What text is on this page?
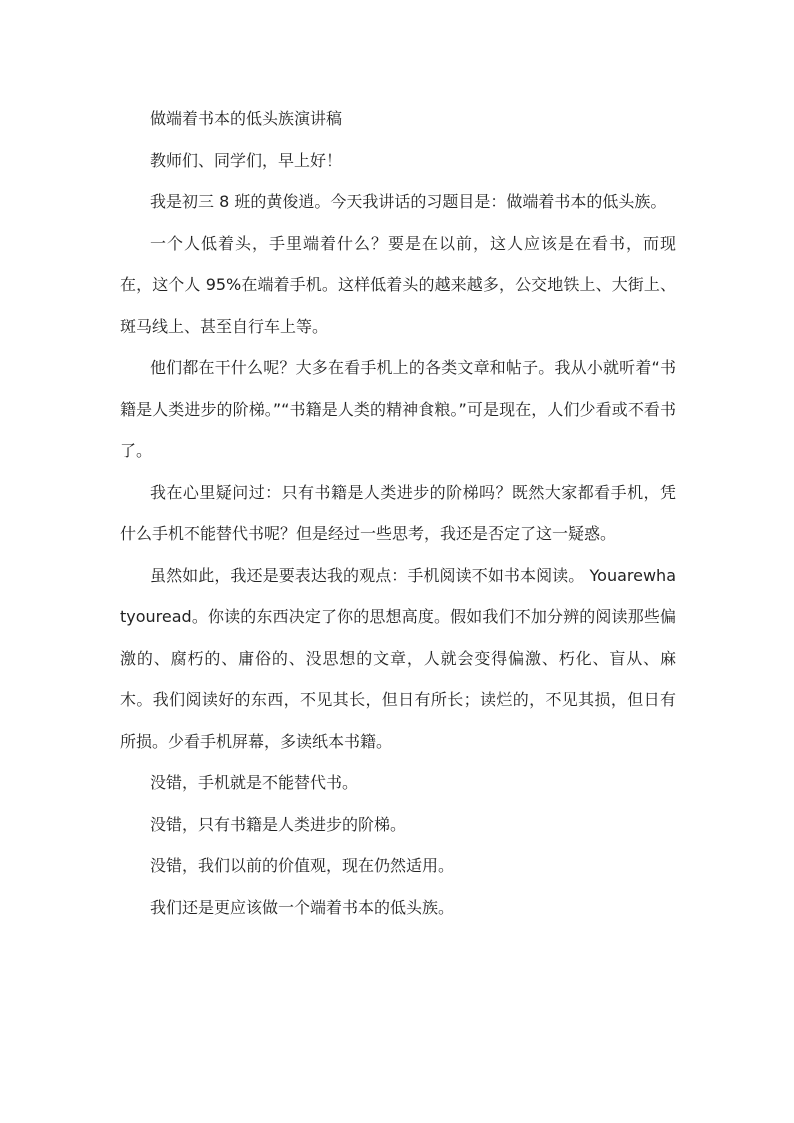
做端着书本的低头族演讲稿

教师们、同学们，早上好！

我是初三 8 班的黄俊逍。今天我讲话的习题目是：做端着书本的低头族。

一个人低着头，手里端着什么？要是在以前，这人应该是在看书，而现在，这个人 95%在端着手机。这样低着头的越来越多，公交地铁上、大街上、斑马线上、甚至自行车上等。

他们都在干什么呢？大多在看手机上的各类文章和帖子。我从小就听着“书籍是人类进步的阶梯。”“书籍是人类的精神食粮。”可是现在，人们少看或不看书了。

我在心里疑问过：只有书籍是人类进步的阶梯吗？既然大家都看手机，凭什么手机不能替代书呢？但是经过一些思考，我还是否定了这一疑惑。

虽然如此，我还是要表达我的观点：手机阅读不如书本阅读。 Youarewhatyouread。你读的东西决定了你的思想高度。假如我们不加分辨的阅读那些偏激的、腐朽的、庸俗的、没思想的文章，人就会变得偏激、朽化、盲从、麻木。我们阅读好的东西，不见其长，但日有所长；读烂的，不见其损，但日有所损。少看手机屏幕，多读纸本书籍。

没错，手机就是不能替代书。

没错，只有书籍是人类进步的阶梯。

没错，我们以前的价值观，现在仍然适用。

我们还是更应该做一个端着书本的低头族。
